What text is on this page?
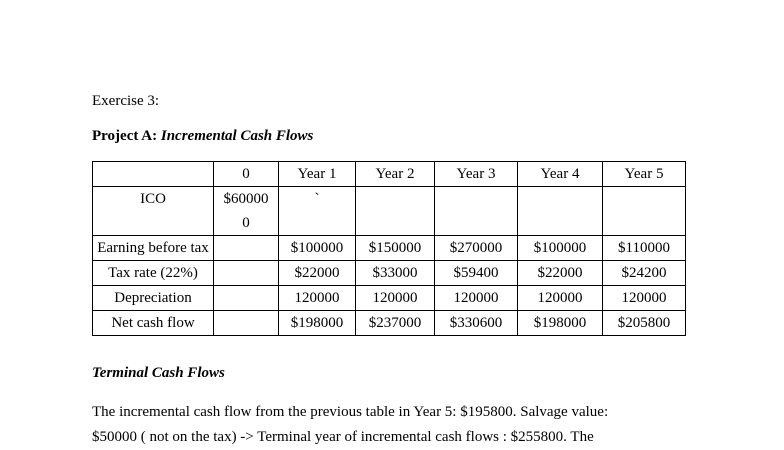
Exercise 3:
Project A: Incremental Cash Flows
	0	Year 1	Year 2	Year 3	Year 4	Year 5
ICO	$60000 0	`				
Earning before tax		$100000	$150000	$270000	$100000	$110000
Tax rate (22%)		$22000	$33000	$59400	$22000	$24200
Depreciation		120000	120000	120000	120000	120000
Net cash flow		$198000	$237000	$330600	$198000	$205800
Terminal Cash Flows
The incremental cash flow from the previous table in Year 5: $195800. Salvage value:
$50000 ( not on the tax) -> Terminal year of incremental cash flows : $255800. The
